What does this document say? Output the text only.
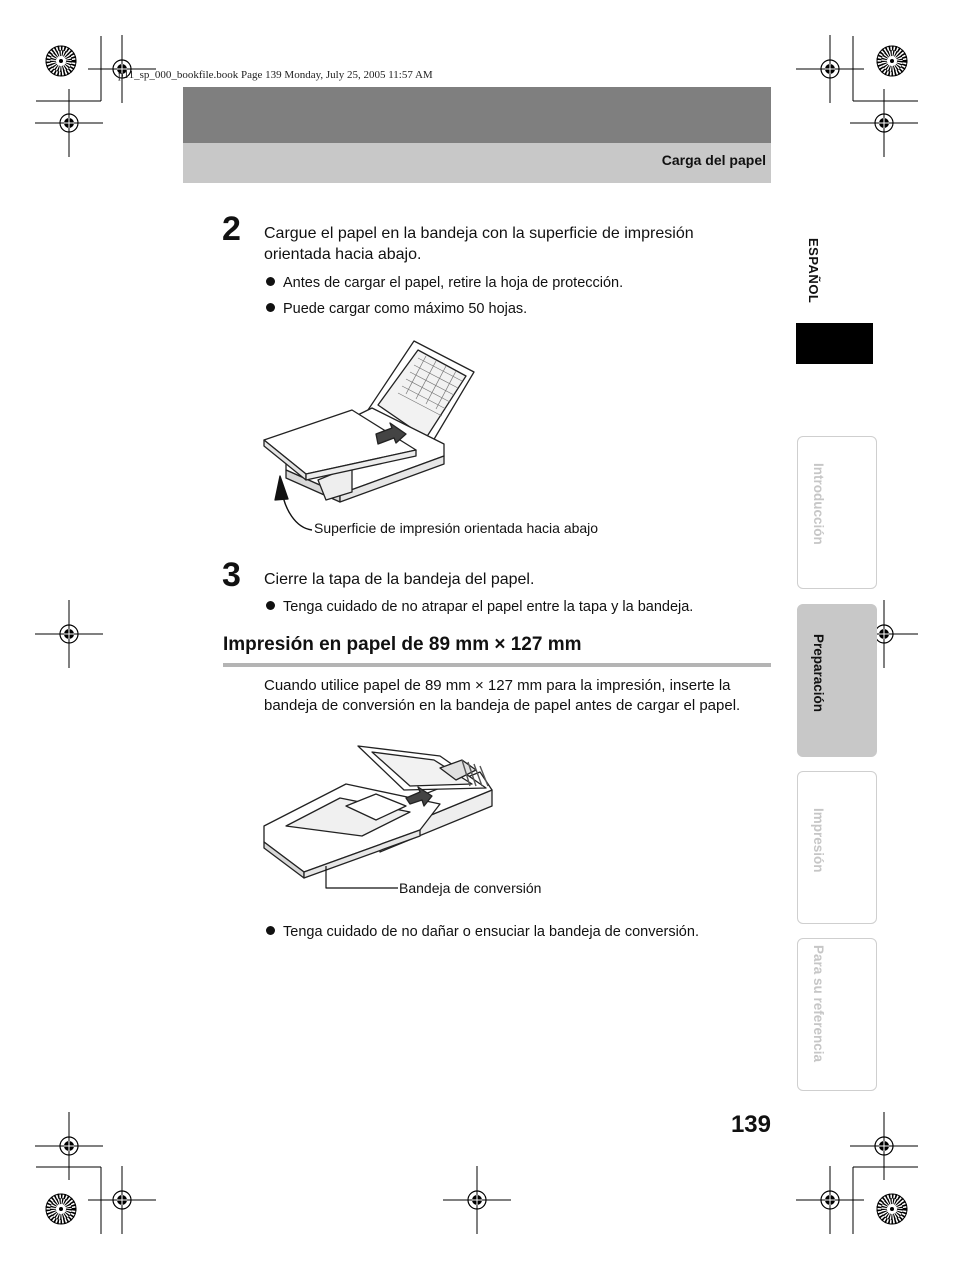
p11_sp_000_bookfile.book Page 139 Monday, July 25, 2005 11:57 AM
Carga del papel
2 Cargue el papel en la bandeja con la superficie de impresión orientada hacia abajo.
Antes de cargar el papel, retire la hoja de protección.
Puede cargar como máximo 50 hojas.
Superficie de impresión orientada hacia abajo
3 Cierre la tapa de la bandeja del papel.
Tenga cuidado de no atrapar el papel entre la tapa y la bandeja.
Impresión en papel de 89 mm × 127 mm
Cuando utilice papel de 89 mm × 127 mm para la impresión, inserte la bandeja de conversión en la bandeja de papel antes de cargar el papel.
Bandeja de conversión
Tenga cuidado de no dañar o ensuciar la bandeja de conversión.
ESPAÑOL
Introducción
Preparación
Impresión
Para su referencia
139
